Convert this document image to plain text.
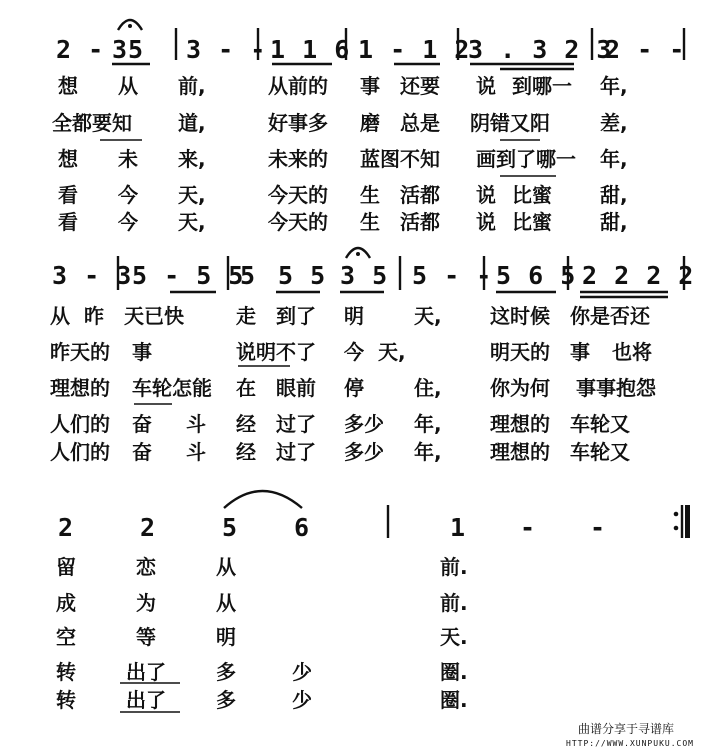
2 - 35 3 - - 1 1 6 1 - 1 2
3 . 3 2 3
2 - -
想 从 前,	从前的 事 还要 说 到哪一 年,
全都要知 道,	好事多 磨 总是 阴错又阳	差,
想 未 来,	未来的 蓝图不知 画到了哪一 年,
看 今 天,	今天的 生 活都 说 比蜜 甜,
看 今 天,	今天的 生 活都 说 比蜜 甜,
3 - 3 5 - 5 5
5 5 5 3 5 5 - - 5 6 5 2 2 2 2
从 昨 天已快	走 到了 明	天, 这时候 你是否还
昨天的 事	说明不了 今 天,	明天的 事 也将
理想的 车轮怎能 在 眼前 停	住, 你为何 事事抱怨
人们的 奋 斗 经 过了 多少 年, 理想的 车轮又
人们的 奋 斗 经 过了 多少 年, 理想的 车轮又
2	2	5 6	1 - -
留	恋	从	前.
成	为	从	前.
空	等	明	天.
转	出了	多	少	圈.
转	出了	多	少	圈.
曲谱分享于寻谱库
HTTP://WWW.XUNPUKU.COM
